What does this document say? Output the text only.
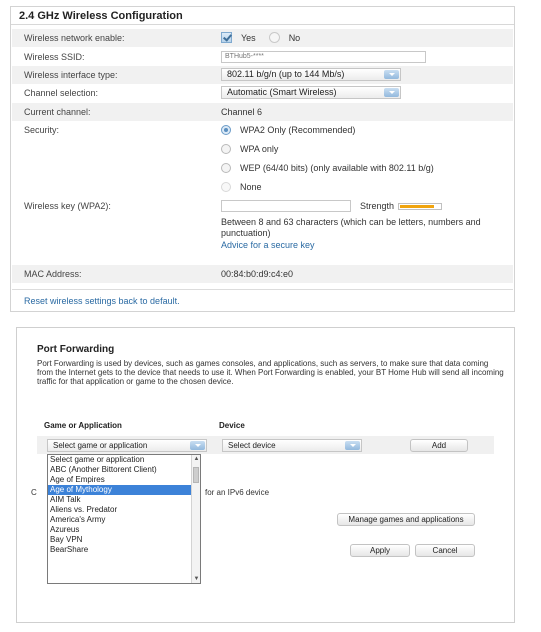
2.4 GHz Wireless Configuration
Wireless network enable:	Yes	No
Wireless SSID:	BTHub5-****
Wireless interface type:	802.11 b/g/n (up to 144 Mb/s)
Channel selection:	Automatic (Smart Wireless)
Current channel:	Channel 6
Security:	WPA2 Only (Recommended)
WPA only
WEP (64/40 bits) (only available with 802.11 b/g)
None
Wireless key (WPA2):	Strength
Between 8 and 63 characters (which can be letters, numbers and punctuation)
Advice for a secure key
MAC Address:	00:84:b0:d9:c4:e0
Reset wireless settings back to default.
Port Forwarding
Port Forwarding is used by devices, such as games consoles, and applications, such as servers, to make sure that data coming from the Internet gets to the device that needs to use it. When Port Forwarding is enabled, your BT Home Hub will send all incoming traffic for that application or game to the chosen device.
Game or Application	Device
Select game or application	Select device	Add
C	for an IPv6 device
Manage games and applications
Apply	Cancel
Select game or application
ABC (Another Bittorent Client)
Age of Empires
Age of Mythology
AIM Talk
Aliens vs. Predator
America's Army
Azureus
Bay VPN
BearShare
▲
▼
